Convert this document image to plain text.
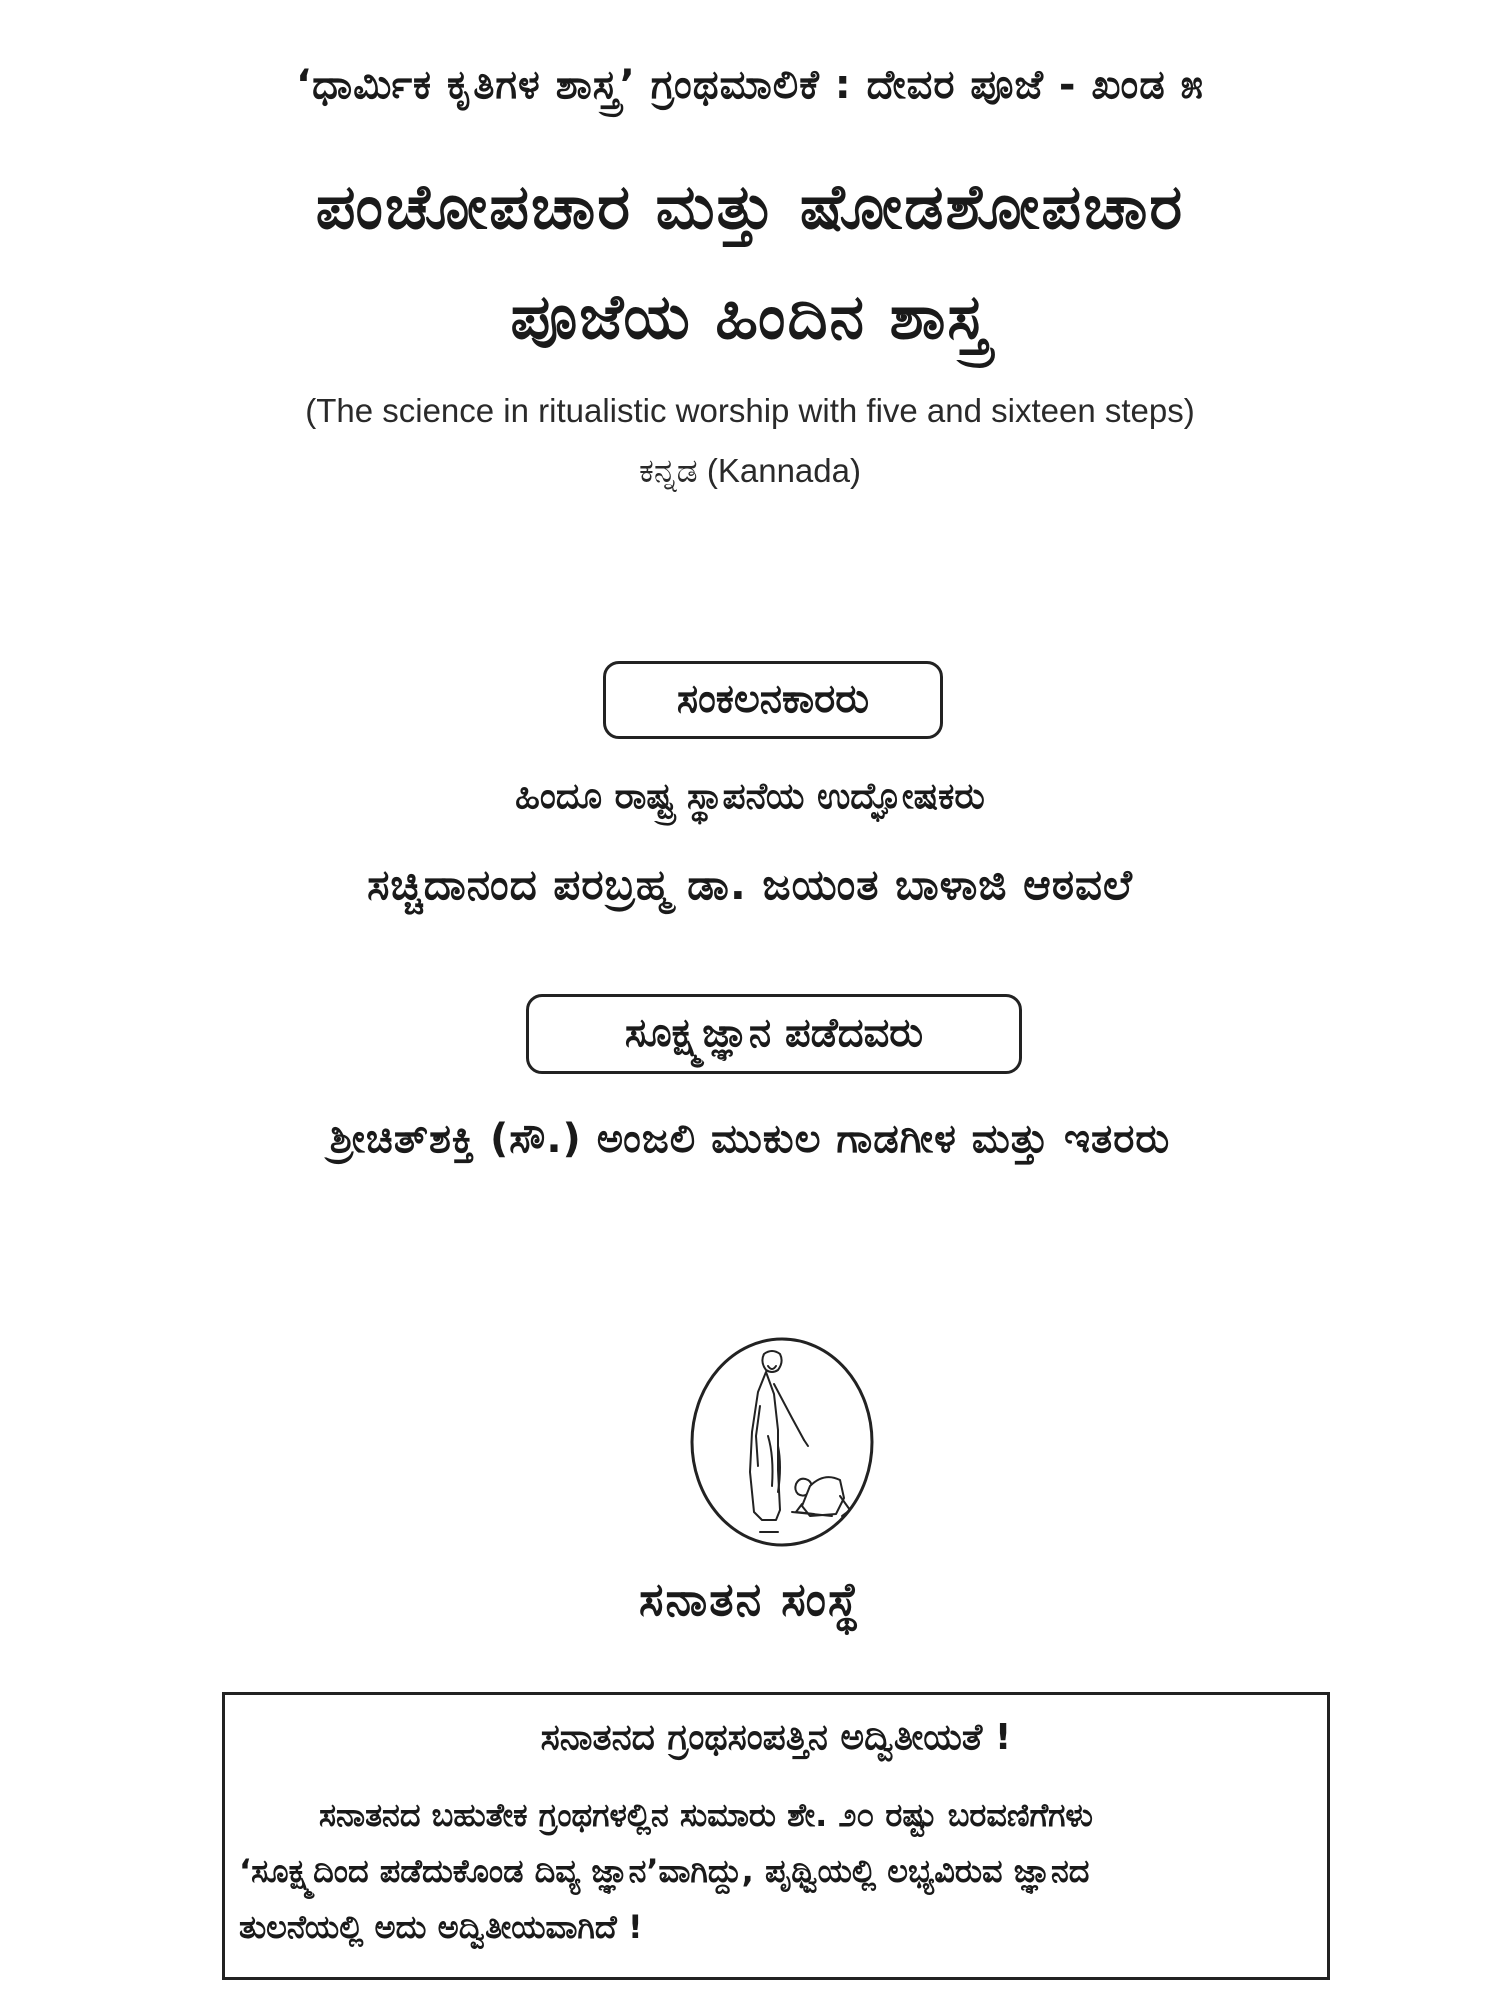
‘ಧಾರ್ಮಿಕ ಕೃತಿಗಳ ಶಾಸ್ತ್ರ’ ಗ್ರಂಥಮಾಲಿಕೆ : ದೇವರ ಪೂಜೆ - ಖಂಡ ೫
ಪಂಚೋಪಚಾರ ಮತ್ತು ಷೋಡಶೋಪಚಾರ
ಪೂಜೆಯ ಹಿಂದಿನ ಶಾಸ್ತ್ರ
(The science in ritualistic worship with five and sixteen steps)
ಕನ್ನಡ (Kannada)
ಸಂಕಲನಕಾರರು
ಹಿಂದೂ ರಾಷ್ಟ್ರ ಸ್ಥಾಪನೆಯ ಉದ್ಘೋಷಕರು
ಸಚ್ಚಿದಾನಂದ ಪರಬ್ರಹ್ಮ ಡಾ. ಜಯಂತ ಬಾಳಾಜಿ ಆಠವಲೆ
ಸೂಕ್ಷ್ಮಜ್ಞಾನ ಪಡೆದವರು
ಶ್ರೀಚಿತ್‌ಶಕ್ತಿ (ಸೌ.) ಅಂಜಲಿ ಮುಕುಲ ಗಾಡಗೀಳ ಮತ್ತು ಇತರರು
ಸನಾತನ ಸಂಸ್ಥೆ
ಸನಾತನದ ಗ್ರಂಥಸಂಪತ್ತಿನ ಅದ್ವಿತೀಯತೆ !
ಸನಾತನದ ಬಹುತೇಕ ಗ್ರಂಥಗಳಲ್ಲಿನ ಸುಮಾರು ಶೇ. ೨೦ ರಷ್ಟು ಬರವಣಿಗೆಗಳು
‘ಸೂಕ್ಷ್ಮದಿಂದ ಪಡೆದುಕೊಂಡ ದಿವ್ಯ ಜ್ಞಾನ’ವಾಗಿದ್ದು, ಪೃಥ್ವಿಯಲ್ಲಿ ಲಭ್ಯವಿರುವ ಜ್ಞಾನದ
ತುಲನೆಯಲ್ಲಿ ಅದು ಅದ್ವಿತೀಯವಾಗಿದೆ !
